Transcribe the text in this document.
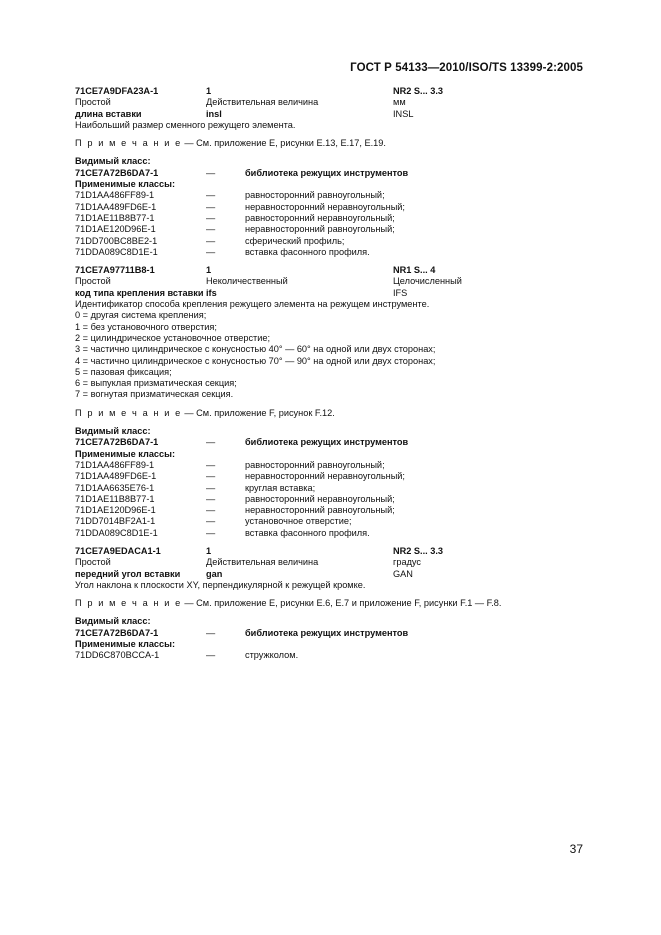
ГОСТ Р 54133—2010/ISO/TS 13399-2:2005
71CE7A9DFA23A-1	1	NR2 S... 3.3
Простой	Действительная величина	мм
длина вставки	insl	INSL
Наибольший размер сменного режущего элемента.
П р и м е ч а н и е — См. приложение E, рисунки E.13, E.17, E.19.
Видимый класс:
71CE7A72B6DA7-1	—	библиотека режущих инструментов
Применимые классы:
71D1AA486FF89-1	—	равносторонний равноугольный;
71D1AA489FD6E-1	—	неравносторонний неравноугольный;
71D1AE11B8B77-1	—	равносторонний неравноугольный;
71D1AE120D96E-1	—	неравносторонний равноугольный;
71DD700BC8BE2-1	—	сферический профиль;
71DDA089C8D1E-1	—	вставка фасонного профиля.
71CE7A97711B8-1	1	NR1 S... 4
Простой	Неколичественный	Целочисленный
код типа крепления вставки ifs	IFS
Идентификатор способа крепления режущего элемента на режущем инструменте.
0 = другая система крепления;
1 = без установочного отверстия;
2 = цилиндрическое установочное отверстие;
3 = частично цилиндрическое с конусностью 40° — 60° на одной или двух сторонах;
4 = частично цилиндрическое с конусностью 70° — 90° на одной или двух сторонах;
5 = пазовая фиксация;
6 = выпуклая призматическая секция;
7 = вогнутая призматическая секция.
П р и м е ч а н и е — См. приложение F, рисунок F.12.
Видимый класс:
71CE7A72B6DA7-1	—	библиотека режущих инструментов
Применимые классы:
71D1AA486FF89-1	—	равносторонний равноугольный;
71D1AA489FD6E-1	—	неравносторонний неравноугольный;
71D1AA6635E76-1	—	круглая вставка;
71D1AE11B8B77-1	—	равносторонний неравноугольный;
71D1AE120D96E-1	—	неравносторонний равноугольный;
71DD7014BF2A1-1	—	установочное отверстие;
71DDA089C8D1E-1	—	вставка фасонного профиля.
71CE7A9EDACA1-1	1	NR2 S... 3.3
Простой	Действительная величина	градус
передний угол вставки	gan	GAN
Угол наклона к плоскости XY, перпендикулярной к режущей кромке.
П р и м е ч а н и е — См. приложение E, рисунки E.6, E.7 и приложение F, рисунки F.1 — F.8.
Видимый класс:
71CE7A72B6DA7-1	—	библиотека режущих инструментов
Применимые классы:
71DD6C870BCCA-1	—	стружколом.
37
